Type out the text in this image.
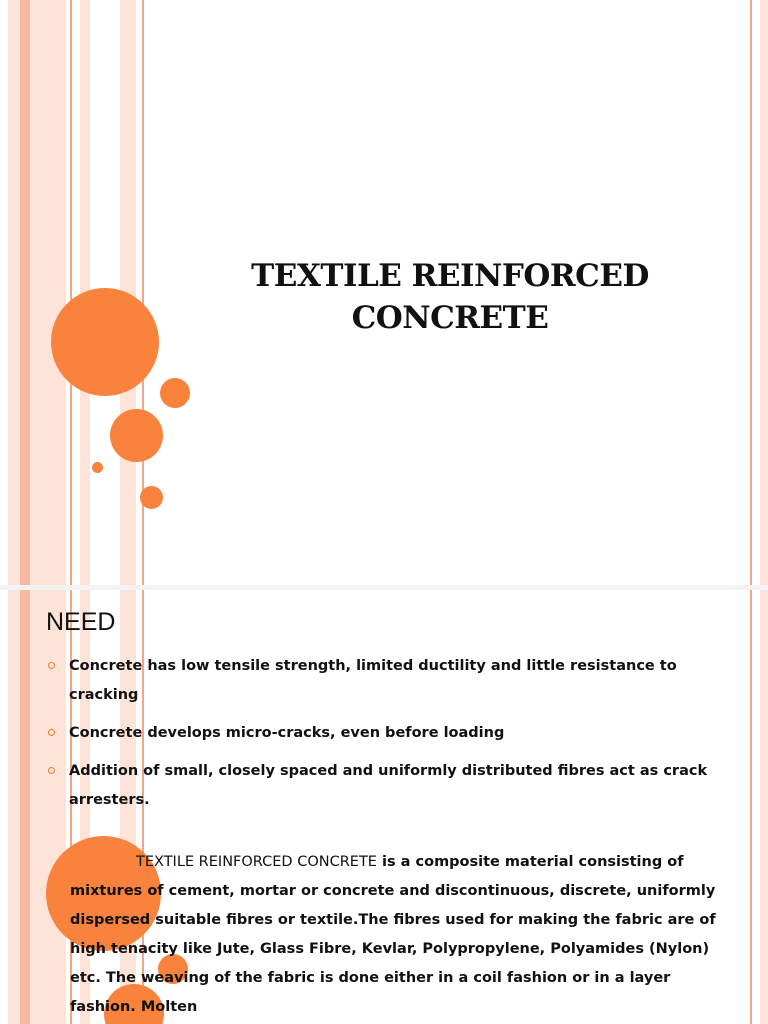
TEXTILE REINFORCED
CONCRETE
NEED
Concrete has low tensile strength, limited ductility and little resistance to cracking
Concrete develops micro-cracks, even before loading
Addition of small, closely spaced and uniformly distributed fibres act as crack arresters.
TEXTILE REINFORCED CONCRETE is a composite material consisting of mixtures of cement, mortar or concrete and discontinuous, discrete, uniformly dispersed suitable fibres or textile.The fibres used for making the fabric are of high tenacity like Jute, Glass Fibre, Kevlar, Polypropylene, Polyamides (Nylon) etc. The weaving of the fabric is done either in a coil fashion or in a layer fashion. Molten
